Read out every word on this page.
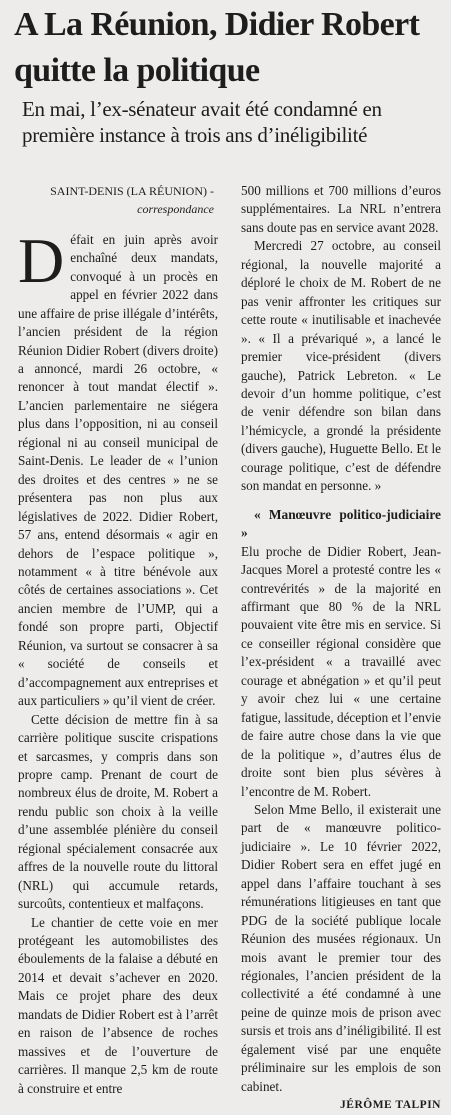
A La Réunion, Didier Robert quitte la politique
En mai, l’ex-sénateur avait été condamné en première instance à trois ans d’inéligibilité
SAINT-DENIS (LA RÉUNION) -
correspondance

Défait en juin après avoir enchaîné deux mandats, convoqué à un procès en appel en février 2022 dans une affaire de prise illégale d’intérêts, l’ancien président de la région Réunion Didier Robert (divers droite) a annoncé, mardi 26 octobre, « renoncer à tout mandat électif ». L’ancien parlementaire ne siégera plus dans l’opposition, ni au conseil régional ni au conseil municipal de Saint-Denis. Le leader de « l’union des droites et des centres » ne se présentera pas non plus aux législatives de 2022. Didier Robert, 57 ans, entend désormais « agir en dehors de l’espace politique », notamment « à titre bénévole aux côtés de certaines associations ». Cet ancien membre de l’UMP, qui a fondé son propre parti, Objectif Réunion, va surtout se consacrer à sa « société de conseils et d’accompagnement aux entreprises et aux particuliers » qu’il vient de créer.

Cette décision de mettre fin à sa carrière politique suscite crispations et sarcasmes, y compris dans son propre camp. Prenant de court de nombreux élus de droite, M. Robert a rendu public son choix à la veille d’une assemblée plénière du conseil régional spécialement consacrée aux affres de la nouvelle route du littoral (NRL) qui accumule retards, surcoûts, contentieux et malfaçons.

Le chantier de cette voie en mer protégeant les automobilistes des éboulements de la falaise a débuté en 2014 et devait s’achever en 2020. Mais ce projet phare des deux mandats de Didier Robert est à l’arrêt en raison de l’absence de roches massives et de l’ouverture de carrières. Il manque 2,5 km de route à construire et entre

500 millions et 700 millions d’euros supplémentaires. La NRL n’entrera sans doute pas en service avant 2028.

Mercredi 27 octobre, au conseil régional, la nouvelle majorité a déploré le choix de M. Robert de ne pas venir affronter les critiques sur cette route « inutilisable et inachevée ». « Il a prévariqué », a lancé le premier vice-président (divers gauche), Patrick Lebreton. « Le devoir d’un homme politique, c’est de venir défendre son bilan dans l’hémicycle, a grondé la présidente (divers gauche), Huguette Bello. Et le courage politique, c’est de défendre son mandat en personne. »

« Manœuvre politico-judiciaire »

Elu proche de Didier Robert, Jean-Jacques Morel a protesté contre les « contrevérités » de la majorité en affirmant que 80 % de la NRL pouvaient vite être mis en service. Si ce conseiller régional considère que l’ex-président « a travaillé avec courage et abnégation » et qu’il peut y avoir chez lui « une certaine fatigue, lassitude, déception et l’envie de faire autre chose dans la vie que de la politique », d’autres élus de droite sont bien plus sévères à l’encontre de M. Robert.

Selon Mme Bello, il existerait une part de « manœuvre politico-judiciaire ». Le 10 février 2022, Didier Robert sera en effet jugé en appel dans l’affaire touchant à ses rémunérations litigieuses en tant que PDG de la société publique locale Réunion des musées régionaux. Un mois avant le premier tour des régionales, l’ancien président de la collectivité a été condamné à une peine de quinze mois de prison avec sursis et trois ans d’inéligibilité. Il est également visé par une enquête préliminaire sur les emplois de son cabinet.

JÉRÔME TALPIN
